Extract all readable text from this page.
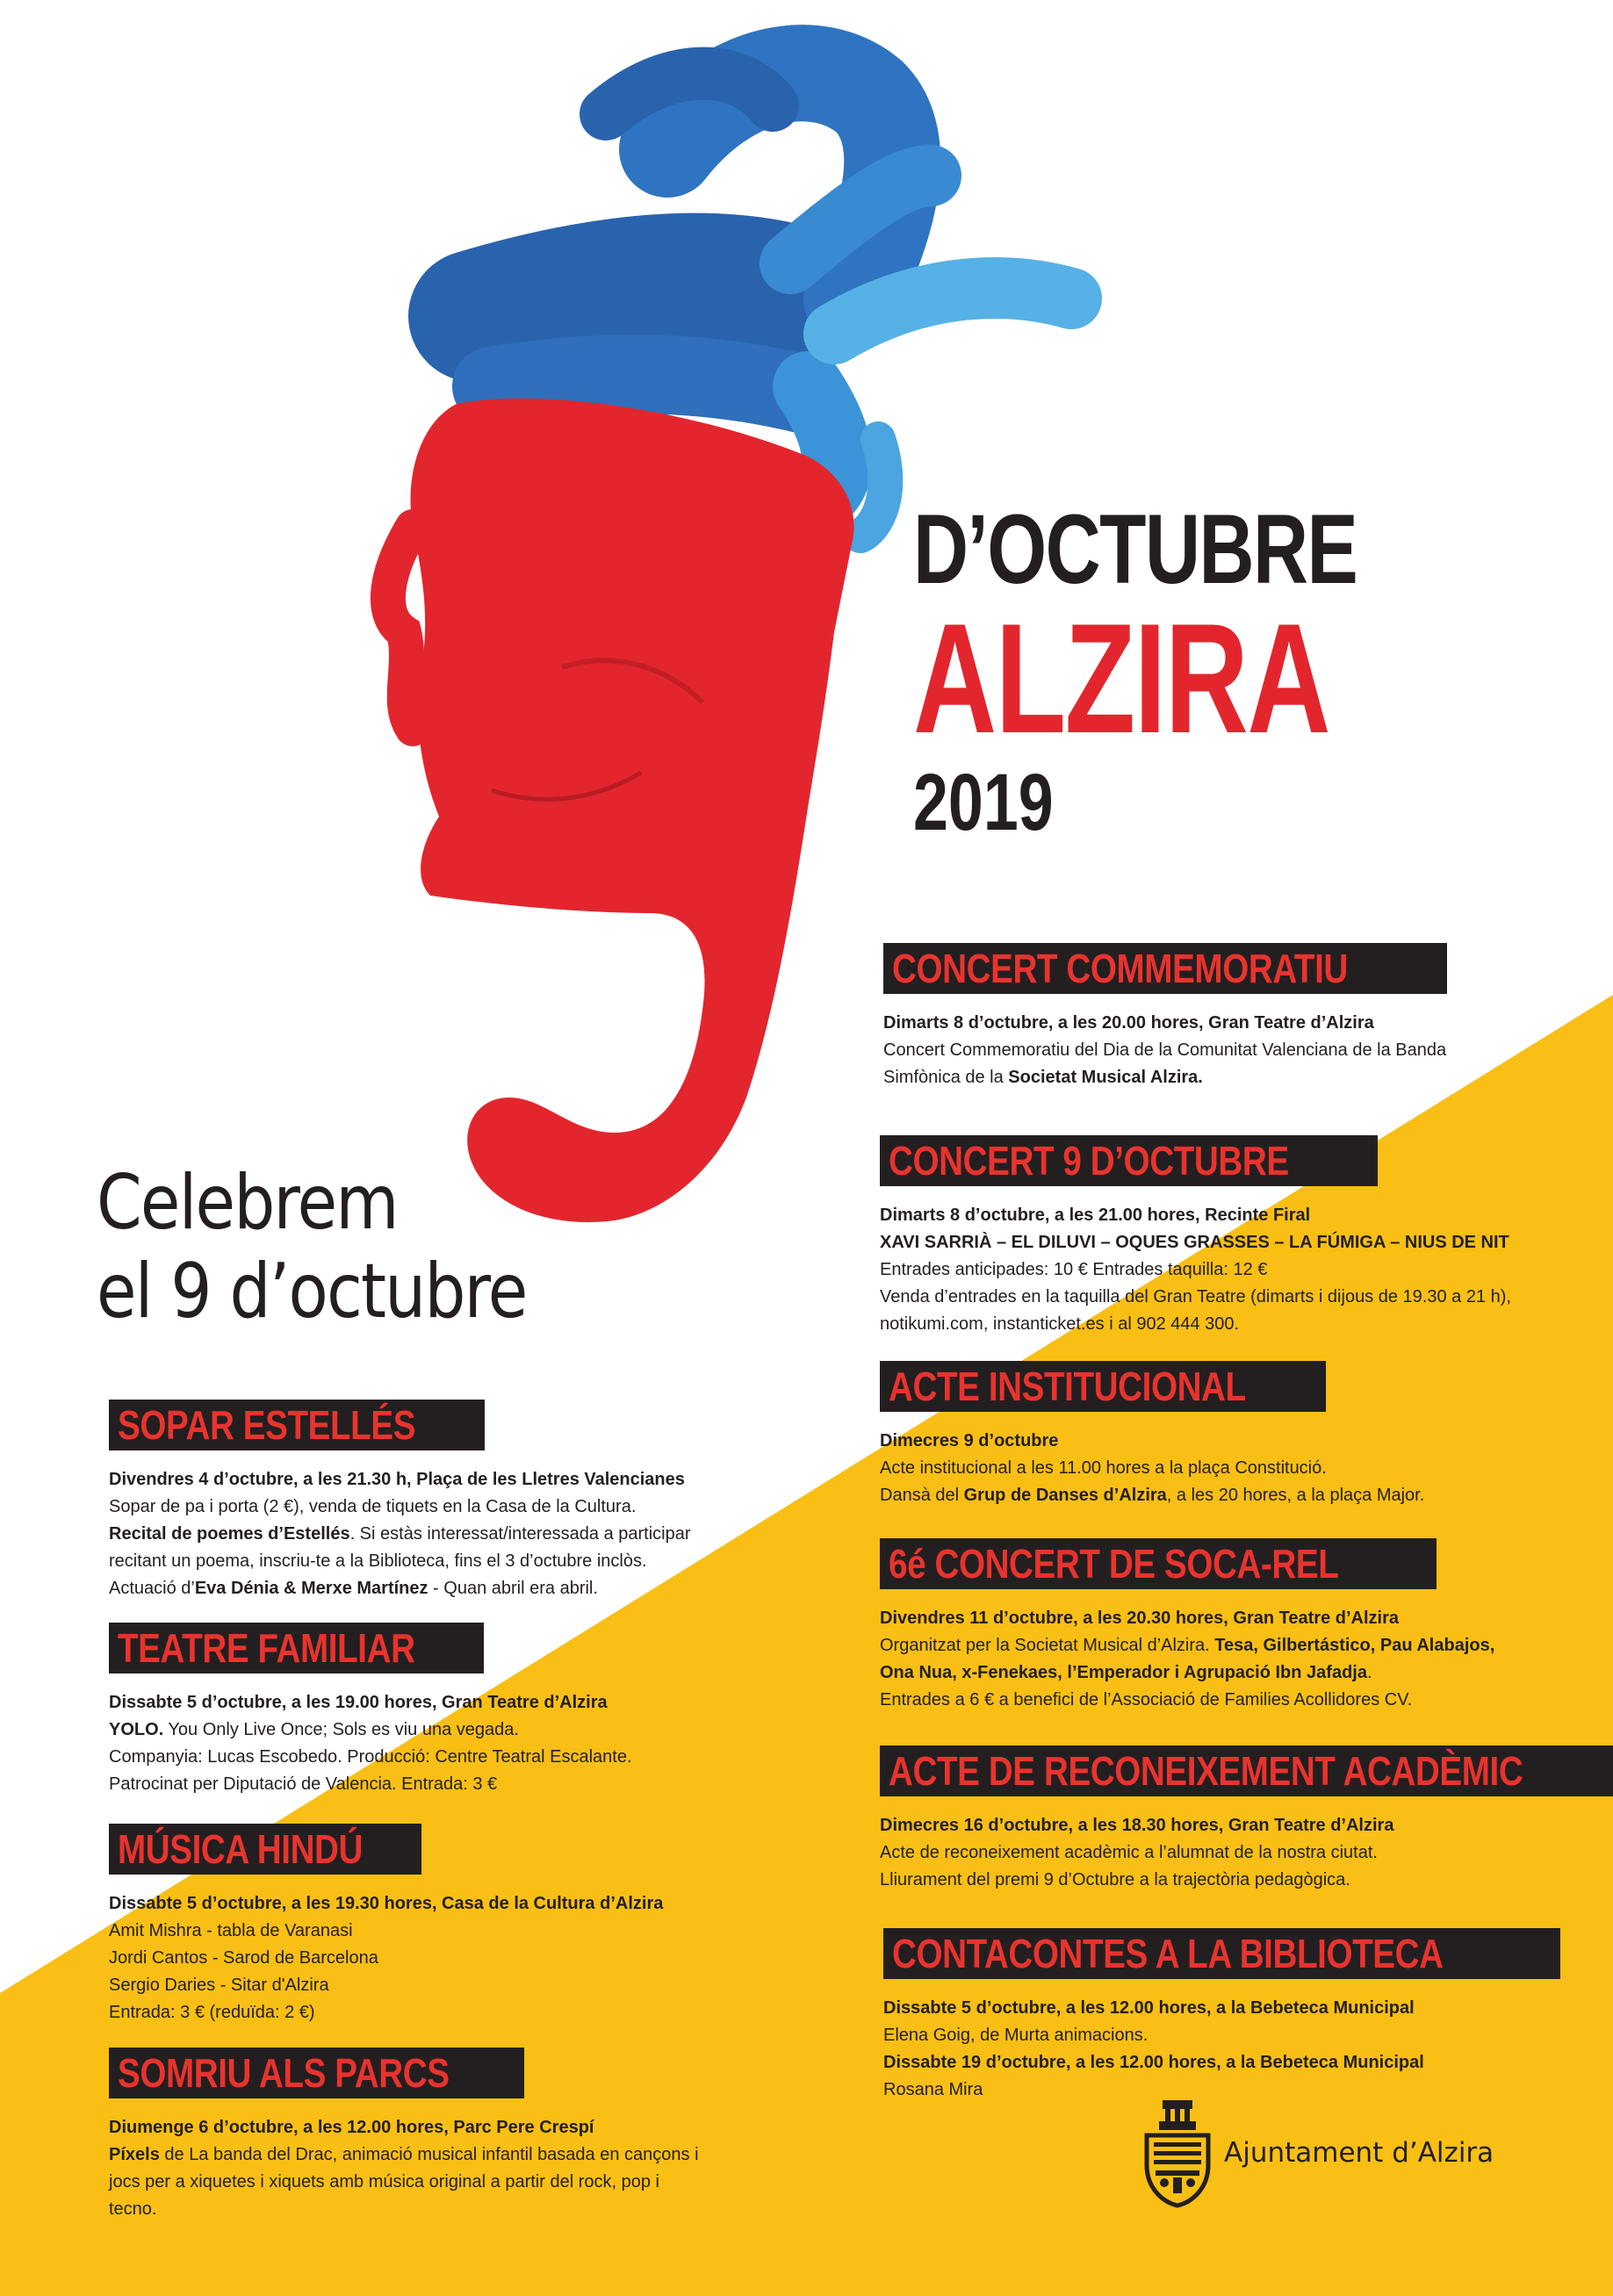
D’OCTUBRE
ALZIRA
2019
Celebrem
el 9 d’octubre
SOPAR ESTELLÉS

Divendres 4 d’octubre, a les 21.30 h, Plaça de les Lletres Valencianes

Sopar de pa i porta (2 €), venda de tiquets en la Casa de la Cultura.

Recital de poemes d’Estellés. Si estàs interessat/interessada a participar

recitant un poema, inscriu-te a la Biblioteca, fins el 3 d’octubre inclòs.

Actuació d’Eva Dénia & Merxe Martínez - Quan abril era abril.

TEATRE FAMILIAR

Dissabte 5 d’octubre, a les 19.00 hores, Gran Teatre d’Alzira

YOLO. You Only Live Once; Sols es viu una vegada.

Companyia: Lucas Escobedo. Producció: Centre Teatral Escalante.

Patrocinat per Diputació de Valencia. Entrada: 3 €

MÚSICA HINDÚ

Dissabte 5 d’octubre, a les 19.30 hores, Casa de la Cultura d’Alzira

Amit Mishra - tabla de Varanasi

Jordi Cantos - Sarod de Barcelona

Sergio Daries - Sitar d'Alzira

Entrada: 3 € (reduïda: 2 €)

SOMRIU ALS PARCS

Diumenge 6 d’octubre, a les 12.00 hores, Parc Pere Crespí

Píxels de La banda del Drac, animació musical infantil basada en cançons i

jocs per a xiquetes i xiquets amb música original a partir del rock, pop i

tecno.

CONCERT COMMEMORATIU

Dimarts 8 d’octubre, a les 20.00 hores, Gran Teatre d’Alzira

Concert Commemoratiu del Dia de la Comunitat Valenciana de la Banda

Simfònica de la Societat Musical Alzira.

CONCERT 9 D’OCTUBRE

Dimarts 8 d’octubre, a les 21.00 hores, Recinte Firal

XAVI SARRIÀ – EL DILUVI – OQUES GRASSES – LA FÚMIGA – NIUS DE NIT

Entrades anticipades: 10 € Entrades taquilla: 12 €

Venda d’entrades en la taquilla del Gran Teatre (dimarts i dijous de 19.30 a 21 h),

notikumi.com, instanticket.es i al 902 444 300.

ACTE INSTITUCIONAL

Dimecres 9 d’octubre

Acte institucional a les 11.00 hores a la plaça Constitució.

Dansà del Grup de Danses d’Alzira, a les 20 hores, a la plaça Major.

6é CONCERT DE SOCA-REL

Divendres 11 d’octubre, a les 20.30 hores, Gran Teatre d’Alzira

Organitzat per la Societat Musical d’Alzira. Tesa, Gilbertástico, Pau Alabajos,

Ona Nua, x-Fenekaes, l’Emperador i Agrupació Ibn Jafadja.

Entrades a 6 € a benefici de l’Associació de Families Acollidores CV.

ACTE DE RECONEIXEMENT ACADÈMIC

Dimecres 16 d’octubre, a les 18.30 hores, Gran Teatre d’Alzira

Acte de reconeixement acadèmic a l’alumnat de la nostra ciutat.

Lliurament del premi 9 d’Octubre a la trajectòria pedagògica.

CONTACONTES A LA BIBLIOTECA

Dissabte 5 d’octubre, a les 12.00 hores, a la Bebeteca Municipal

Elena Goig, de Murta animacions.

Dissabte 19 d’octubre, a les 12.00 hores, a la Bebeteca Municipal

Rosana Mira

Ajuntament d’Alzira
